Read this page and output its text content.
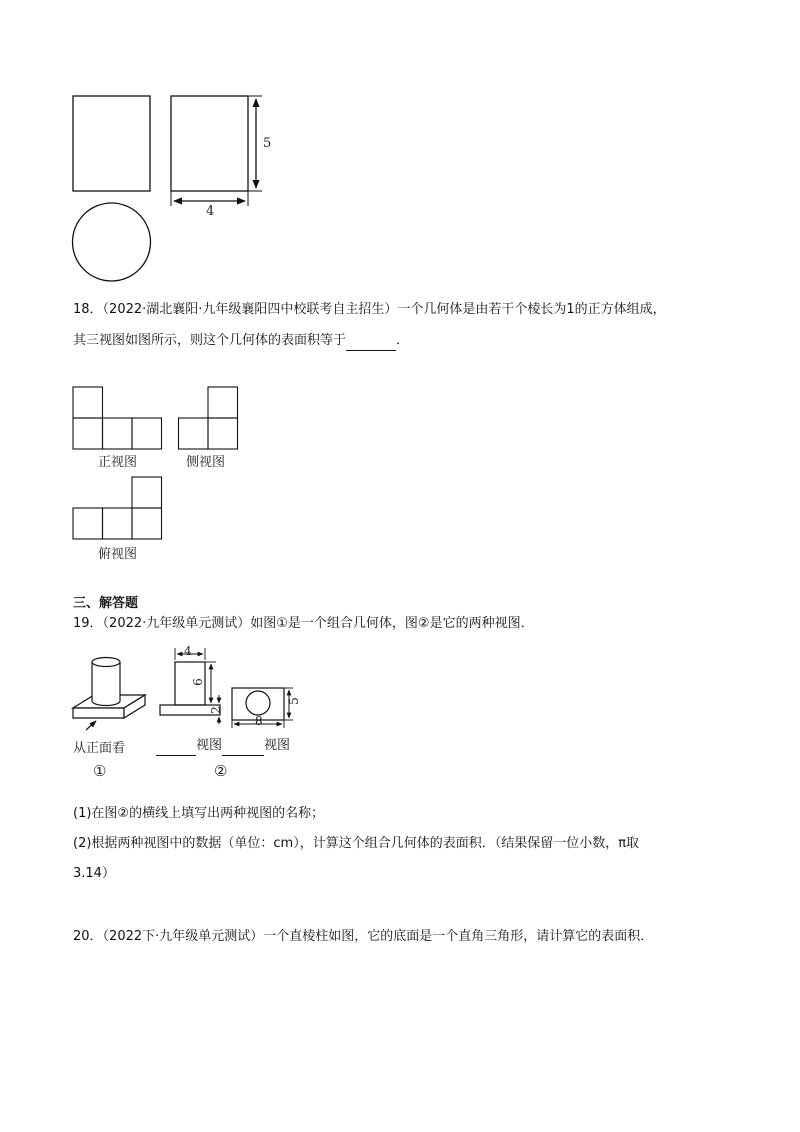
5
4
18．（2022·湖北襄阳·九年级襄阳四中校联考自主招生）一个几何体是由若干个棱长为1的正方体组成，
其三视图如图所示，则这个几何体的表面积等于	．
正视图	侧视图
俯视图
三、解答题
19．（2022·九年级单元测试）如图①是一个组合几何体，图②是它的两种视图．
4
6
2
8
5
从正面看	视图	视图
①	②
(1)在图②的横线上填写出两种视图的名称；
(2)根据两种视图中的数据（单位：cm），计算这个组合几何体的表面积．（结果保留一位小数，π取
3.14）
20．（2022下·九年级单元测试）一个直棱柱如图，它的底面是一个直角三角形，请计算它的表面积．
